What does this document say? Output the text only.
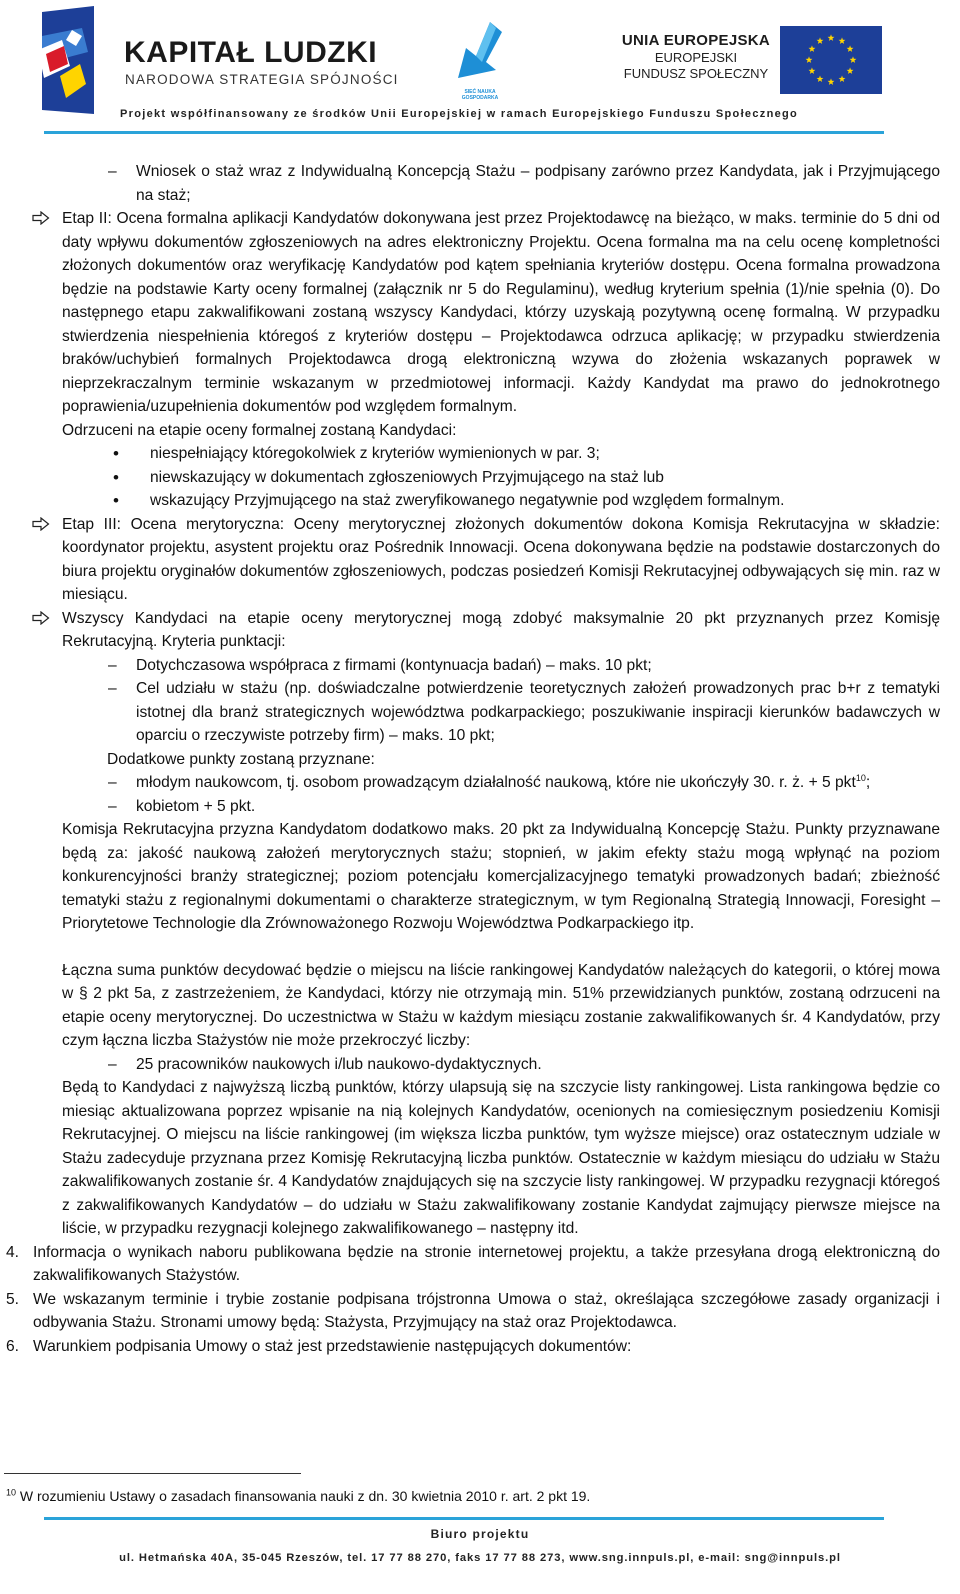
KAPITAŁ LUDZKI
NARODOWA STRATEGIA SPÓJNOŚCI
SIEĆ NAUKA GOSPODARKA
UNIA EUROPEJSKA
EUROPEJSKI
FUNDUSZ SPOŁECZNY
Projekt współfinansowany ze środków Unii Europejskiej w ramach Europejskiego Funduszu Społecznego
– Wniosek o staż wraz z Indywidualną Koncepcją Stażu – podpisany zarówno przez Kandydata, jak i Przyjmującego na staż;
Etap II: Ocena formalna aplikacji Kandydatów dokonywana jest przez Projektodawcę na bieżąco, w maks. terminie do 5 dni od daty wpływu dokumentów zgłoszeniowych na adres elektroniczny Projektu. Ocena formalna ma na celu ocenę kompletności złożonych dokumentów oraz weryfikację Kandydatów pod kątem spełniania kryteriów dostępu. Ocena formalna prowadzona będzie na podstawie Karty oceny formalnej (załącznik nr 5 do Regulaminu), według kryterium spełnia (1)/nie spełnia (0). Do następnego etapu zakwalifikowani zostaną wszyscy Kandydaci, którzy uzyskają pozytywną ocenę formalną. W przypadku stwierdzenia niespełnienia któregoś z kryteriów dostępu – Projektodawca odrzuca aplikację; w przypadku stwierdzenia braków/uchybień formalnych Projektodawca drogą elektroniczną wzywa do złożenia wskazanych poprawek w nieprzekraczalnym terminie wskazanym w przedmiotowej informacji. Każdy Kandydat ma prawo do jednokrotnego poprawienia/uzupełnienia dokumentów pod względem formalnym.
Odrzuceni na etapie oceny formalnej zostaną Kandydaci:
• niespełniający któregokolwiek z kryteriów wymienionych w par. 3;
• niewskazujący w dokumentach zgłoszeniowych Przyjmującego na staż lub
• wskazujący Przyjmującego na staż zweryfikowanego negatywnie pod względem formalnym.
Etap III: Ocena merytoryczna: Oceny merytorycznej złożonych dokumentów dokona Komisja Rekrutacyjna w składzie: koordynator projektu, asystent projektu oraz Pośrednik Innowacji. Ocena dokonywana będzie na podstawie dostarczonych do biura projektu oryginałów dokumentów zgłoszeniowych, podczas posiedzeń Komisji Rekrutacyjnej odbywających się min. raz w miesiącu.
Wszyscy Kandydaci na etapie oceny merytorycznej mogą zdobyć maksymalnie 20 pkt przyznanych przez Komisję Rekrutacyjną. Kryteria punktacji:
– Dotychczasowa współpraca z firmami (kontynuacja badań) – maks. 10 pkt;
– Cel udziału w stażu (np. doświadczalne potwierdzenie teoretycznych założeń prowadzonych prac b+r z tematyki istotnej dla branż strategicznych województwa podkarpackiego; poszukiwanie inspiracji kierunków badawczych w oparciu o rzeczywiste potrzeby firm) – maks. 10 pkt;
Dodatkowe punkty zostaną przyznane:
– młodym naukowcom, tj. osobom prowadzącym działalność naukową, które nie ukończyły 30. r. ż. + 5 pkt$^{10}$;
– kobietom + 5 pkt.
Komisja Rekrutacyjna przyzna Kandydatom dodatkowo maks. 20 pkt za Indywidualną Koncepcję Stażu. Punkty przyznawane będą za: jakość naukową założeń merytorycznych stażu; stopnień, w jakim efekty stażu mogą wpłynąć na poziom konkurencyjności branży strategicznej; poziom potencjału komercjalizacyjnego tematyki prowadzonych badań; zbieżność tematyki stażu z regionalnymi dokumentami o charakterze strategicznym, w tym Regionalną Strategią Innowacji, Foresight – Priorytetowe Technologie dla Zrównoważonego Rozwoju Województwa Podkarpackiego itp.
Łączna suma punktów decydować będzie o miejscu na liście rankingowej Kandydatów należących do kategorii, o której mowa w § 2 pkt 5a, z zastrzeżeniem, że Kandydaci, którzy nie otrzymają min. 51% przewidzianych punktów, zostaną odrzuceni na etapie oceny merytorycznej. Do uczestnictwa w Stażu w każdym miesiącu zostanie zakwalifikowanych śr. 4 Kandydatów, przy czym łączna liczba Stażystów nie może przekroczyć liczby:
– 25 pracowników naukowych i/lub naukowo-dydaktycznych.
Będą to Kandydaci z najwyższą liczbą punktów, którzy ulapsują się na szczycie listy rankingowej. Lista rankingowa będzie co miesiąc aktualizowana poprzez wpisanie na nią kolejnych Kandydatów, ocenionych na comiesięcznym posiedzeniu Komisji Rekrutacyjnej. O miejscu na liście rankingowej (im większa liczba punktów, tym wyższe miejsce) oraz ostatecznym udziale w Stażu zadecyduje przyznana przez Komisję Rekrutacyjną liczba punktów. Ostatecznie w każdym miesiącu do udziału w Stażu zakwalifikowanych zostanie śr. 4 Kandydatów znajdujących się na szczycie listy rankingowej. W przypadku rezygnacji któregoś z zakwalifikowanych Kandydatów – do udziału w Stażu zakwalifikowany zostanie Kandydat zajmujący pierwsze miejsce na liście, w przypadku rezygnacji kolejnego zakwalifikowanego – następny itd.
4. Informacja o wynikach naboru publikowana będzie na stronie internetowej projektu, a także przesyłana drogą elektroniczną do zakwalifikowanych Stażystów.
5. We wskazanym terminie i trybie zostanie podpisana trójstronna Umowa o staż, określająca szczegółowe zasady organizacji i odbywania Stażu. Stronami umowy będą: Stażysta, Przyjmujący na staż oraz Projektodawca.
6. Warunkiem podpisania Umowy o staż jest przedstawienie następujących dokumentów:
$^{10}$ W rozumieniu Ustawy o zasadach finansowania nauki z dn. 30 kwietnia 2010 r. art. 2 pkt 19.
Biuro projektu
ul. Hetmańska 40A, 35-045 Rzeszów, tel. 17 77 88 270, faks 17 77 88 273, www.sng.innpuls.pl, e-mail: sng@innpuls.pl
